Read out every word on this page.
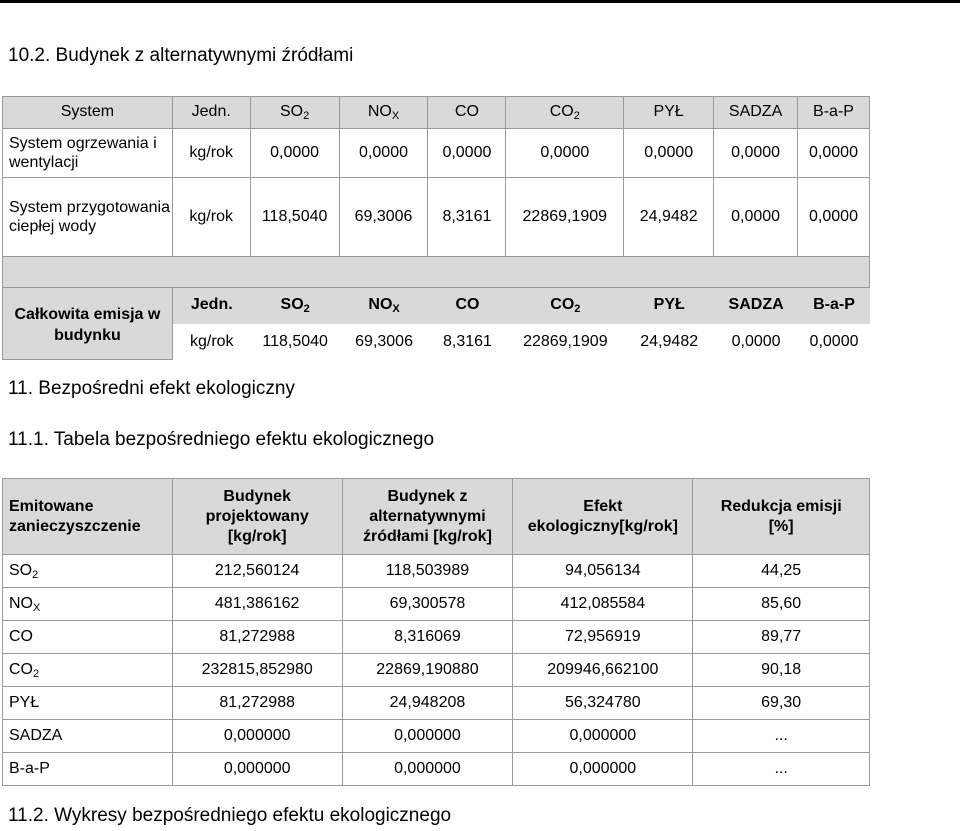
10.2. Budynek z alternatywnymi źródłami
System	Jedn.	$SO_2$	$NO_X$	CO	$CO_2$	PYŁ	SADZA	B-a-P
System ogrzewania i wentylacji	kg/rok	0,0000	0,0000	0,0000	0,0000	0,0000	0,0000	0,0000
System przygotowania ciepłej wody	kg/rok	118,5040	69,3006	8,3161	22869,1909	24,9482	0,0000	0,0000

Całkowita emisja w budynku	
Jedn.	$SO_2$	$NO_X$	CO	$CO_2$	PYŁ	SADZA	B-a-P
kg/rok	118,5040	69,3006	8,3161	22869,1909	24,9482	0,0000	0,0000
11. Bezpośredni efekt ekologiczny
11.1. Tabela bezpośredniego efektu ekologicznego
Emitowane zanieczyszczenie	Budynek projektowany [kg/rok]	Budynek z alternatywnymi źródłami [kg/rok]	Efekt ekologiczny[kg/rok]	Redukcja emisji [%]
$SO_2$	212,560124	118,503989	94,056134	44,25
$NO_X$	481,386162	69,300578	412,085584	85,60
CO	81,272988	8,316069	72,956919	89,77
$CO_2$	232815,852980	22869,190880	209946,662100	90,18
PYŁ	81,272988	24,948208	56,324780	69,30
SADZA	0,000000	0,000000	0,000000	...
B-a-P	0,000000	0,000000	0,000000	...
11.2. Wykresy bezpośredniego efektu ekologicznego
